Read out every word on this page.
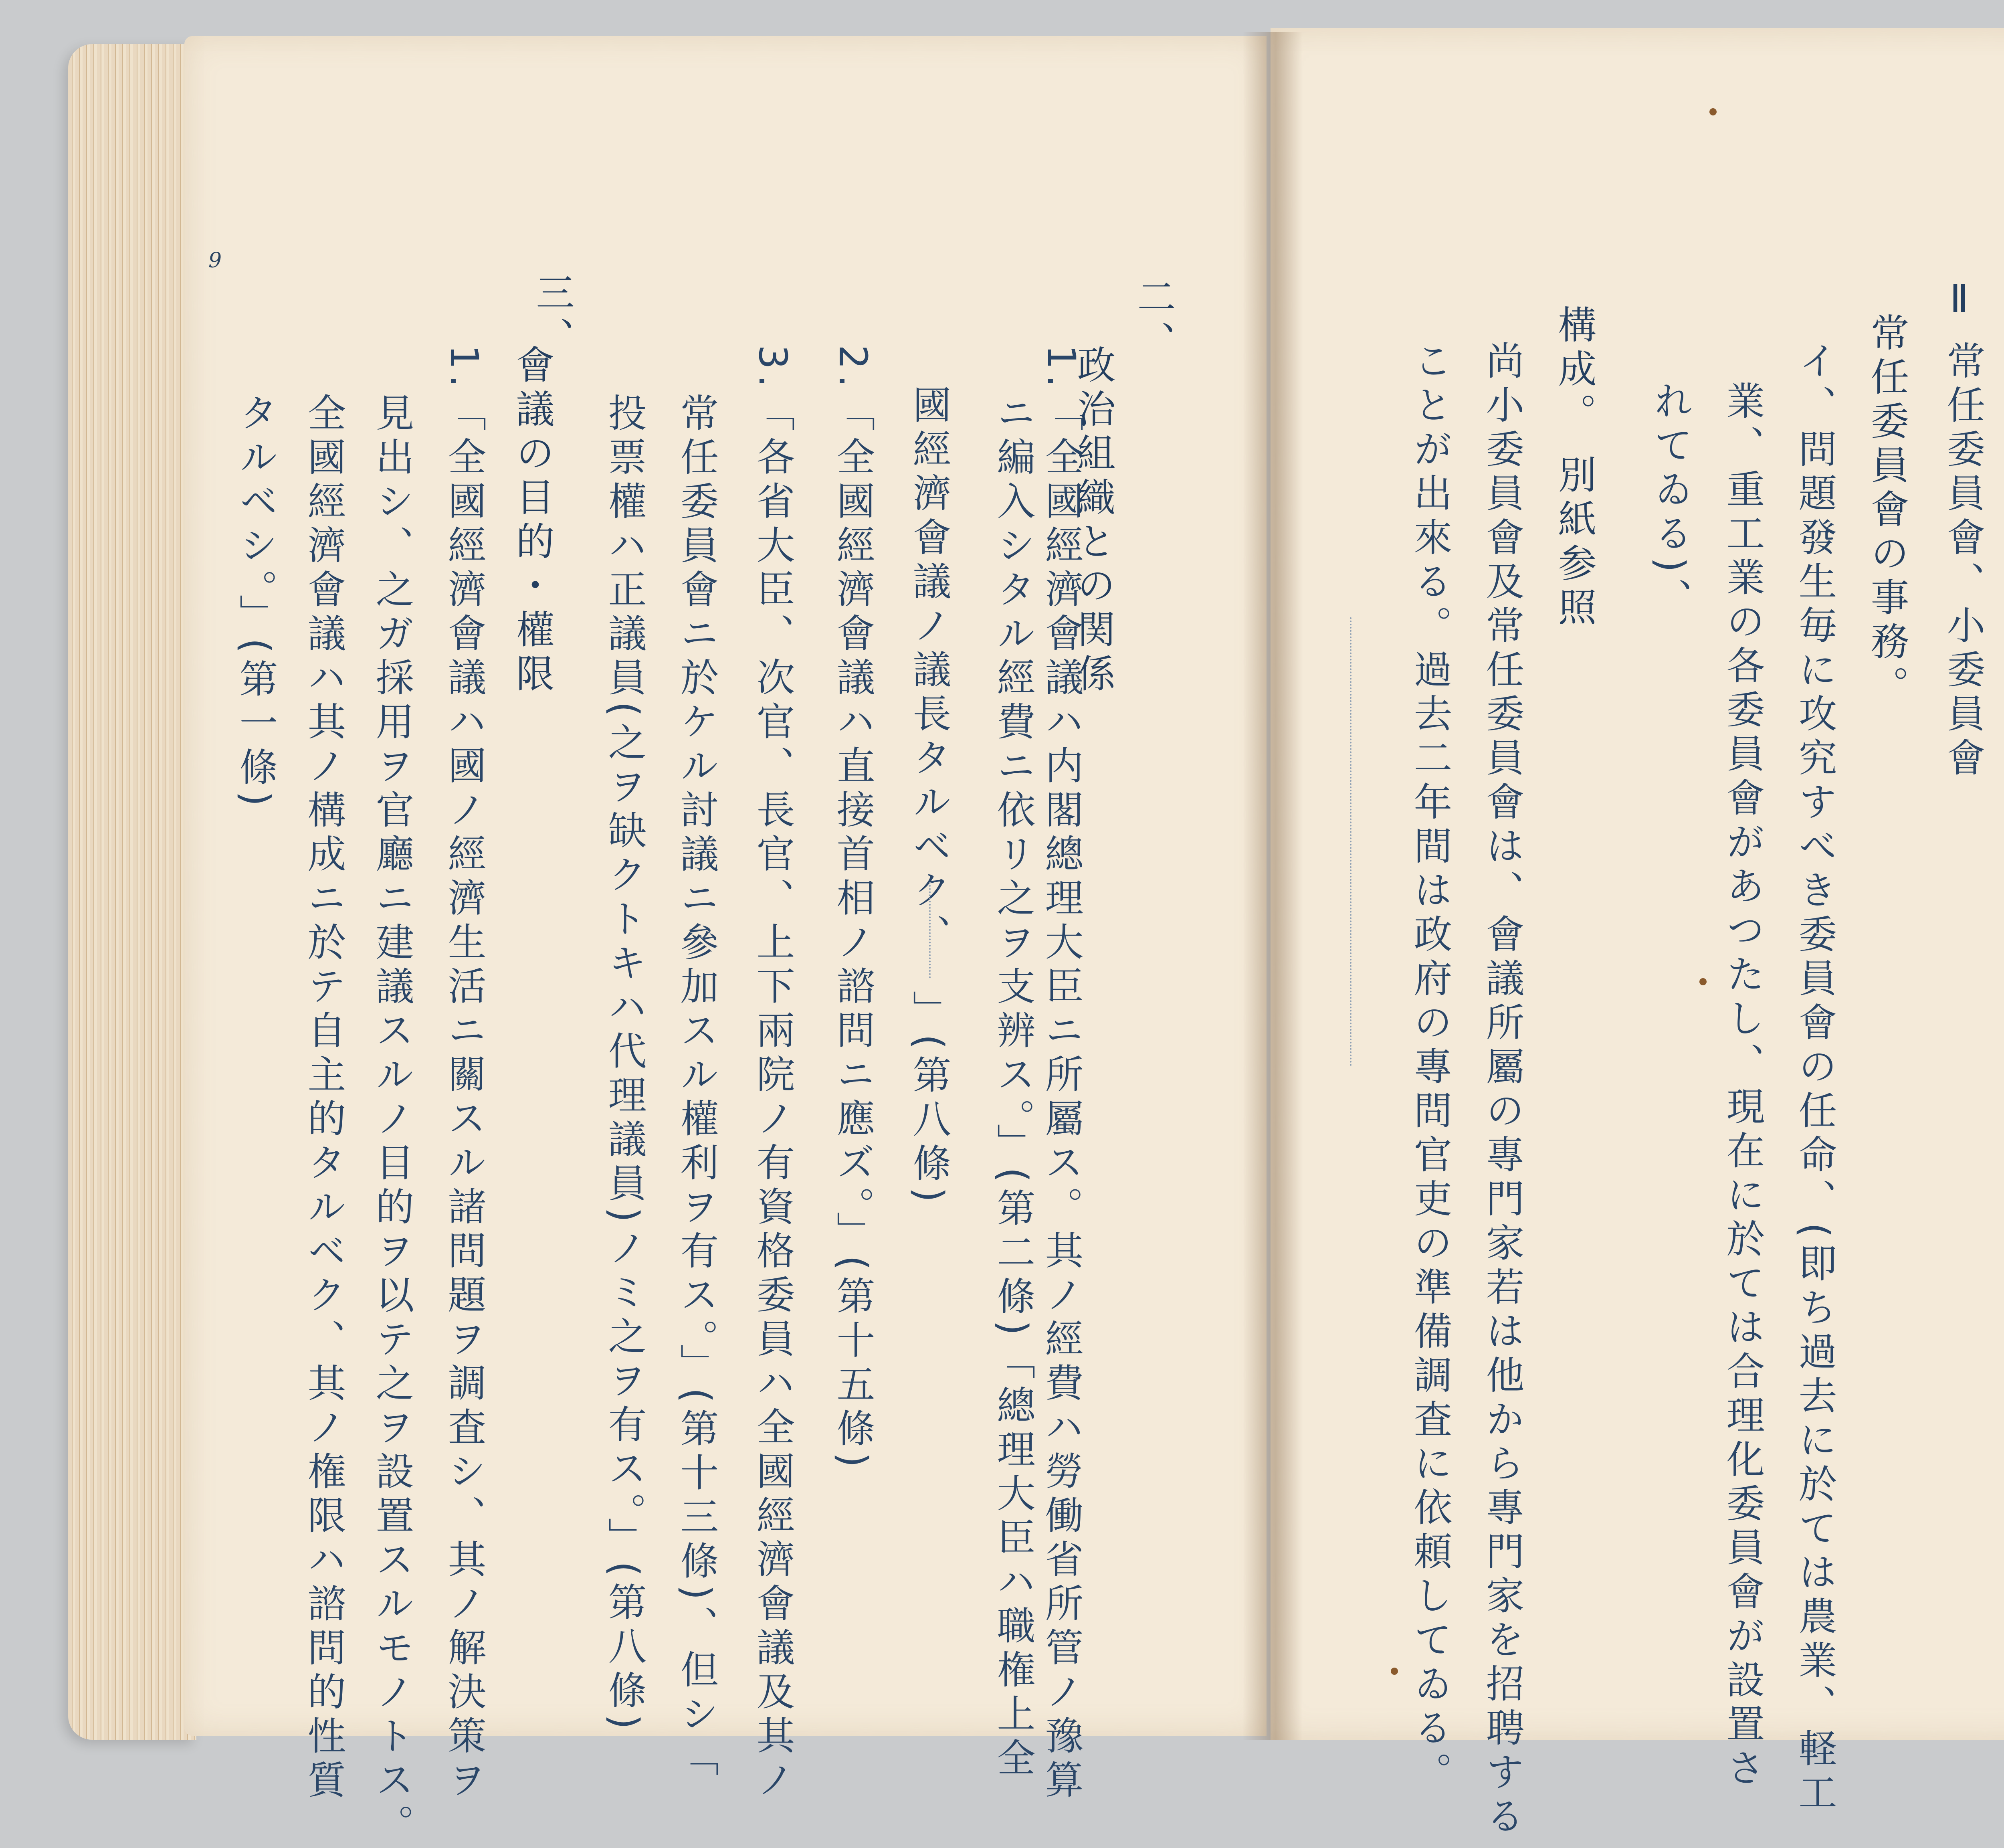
9
二、
政治組織との関係
1.「全國經濟會議ハ内閣總理大臣ニ所屬ス。其ノ經費ハ勞働省所管ノ豫算
ニ編入シタル經費ニ依リ之ヲ支辨ス。」(第二條)「總理大臣ハ職権上全
國經濟會議ノ議長タルベク、
」(第八條)
2.「全國經濟會議ハ直接首相ノ諮問ニ應ズ。」(第十五條)
3.「各省大臣、次官、長官、上下兩院ノ有資格委員ハ全國經濟會議及其ノ
常任委員會ニ於ケル討議ニ參加スル權利ヲ有ス。」(第十三條)、但シ「
投票權ハ正議員(之ヲ缺クトキハ代理議員)ノミ之ヲ有ス。」(第八條)
三、
會議の目的・權限
1.「全國經濟會議ハ國ノ經濟生活ニ關スル諸問題ヲ調査シ、其ノ解決策ヲ
見出シ、之ガ採用ヲ官廳ニ建議スルノ目的ヲ以テ之ヲ設置スルモノトス。
全國經濟會議ハ其ノ構成ニ於テ自主的タルベク、其ノ権限ハ諮問的性質
タルベシ。」(第一條)
Ⅱ
常任委員會、小委員會
常任委員會の事務。
イ、問題發生毎に攻究すべき委員會の任命、(即ち過去に於ては農業、軽工
業、重工業の各委員會があつたし、現在に於ては合理化委員會が設置さ
れてゐる)、
構成。 別紙参照
尚小委員會及常任委員會は、會議所屬の專門家若は他から專門家を招聘する
ことが出來る。過去二年間は政府の專問官吏の準備調査に依頼してゐる。
